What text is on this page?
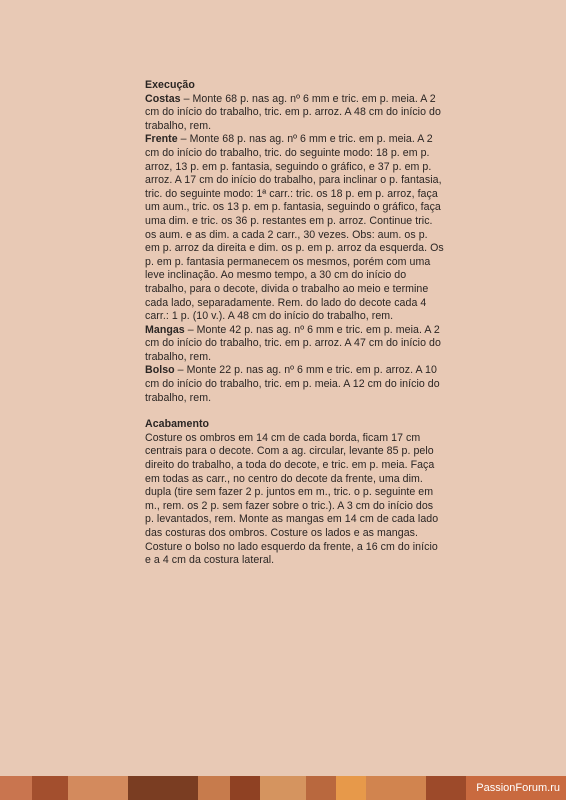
Execução

Costas – Monte 68 p. nas ag. nº 6 mm e tric. em p. meia. A 2 cm do início do trabalho, tric. em p. arroz. A 48 cm do início do trabalho, rem.

Frente – Monte 68 p. nas ag. nº 6 mm e tric. em p. meia. A 2 cm do início do trabalho, tric. do seguinte modo: 18 p. em p. arroz, 13 p. em p. fantasia, seguindo o gráfico, e 37 p. em p. arroz. A 17 cm do início do trabalho, para inclinar o p. fantasia, tric. do seguinte modo: 1ª carr.: tric. os 18 p. em p. arroz, faça um aum., tric. os 13 p. em p. fantasia, seguindo o gráfico, faça uma dim. e tric. os 36 p. restantes em p. arroz. Continue tric. os aum. e as dim. a cada 2 carr., 30 vezes. Obs: aum. os p. em p. arroz da direita e dim. os p. em p. arroz da esquerda. Os p. em p. fantasia permanecem os mesmos, porém com uma leve inclinação. Ao mesmo tempo, a 30 cm do início do trabalho, para o decote, divida o trabalho ao meio e termine cada lado, separadamente. Rem. do lado do decote cada 4 carr.: 1 p. (10 v.). A 48 cm do início do trabalho, rem.

Mangas – Monte 42 p. nas ag. nº 6 mm e tric. em p. meia. A 2 cm do início do trabalho, tric. em p. arroz. A 47 cm do início do trabalho, rem.

Bolso – Monte 22 p. nas ag. nº 6 mm e tric. em p. arroz. A 10 cm do início do trabalho, tric. em p. meia. A 12 cm do início do trabalho, rem.

Acabamento

Costure os ombros em 14 cm de cada borda, ficam 17 cm centrais para o decote. Com a ag. circular, levante 85 p. pelo direito do trabalho, a toda do decote, e tric. em p. meia. Faça em todas as carr., no centro do decote da frente, uma dim. dupla (tire sem fazer 2 p. juntos em m., tric. o p. seguinte em m., rem. os 2 p. sem fazer sobre o tric.). A 3 cm do início dos p. levantados, rem. Monte as mangas em 14 cm de cada lado das costuras dos ombros. Costure os lados e as mangas. Costure o bolso no lado esquerdo da frente, a 16 cm do início e a 4 cm da costura lateral.

PassionForum.ru
